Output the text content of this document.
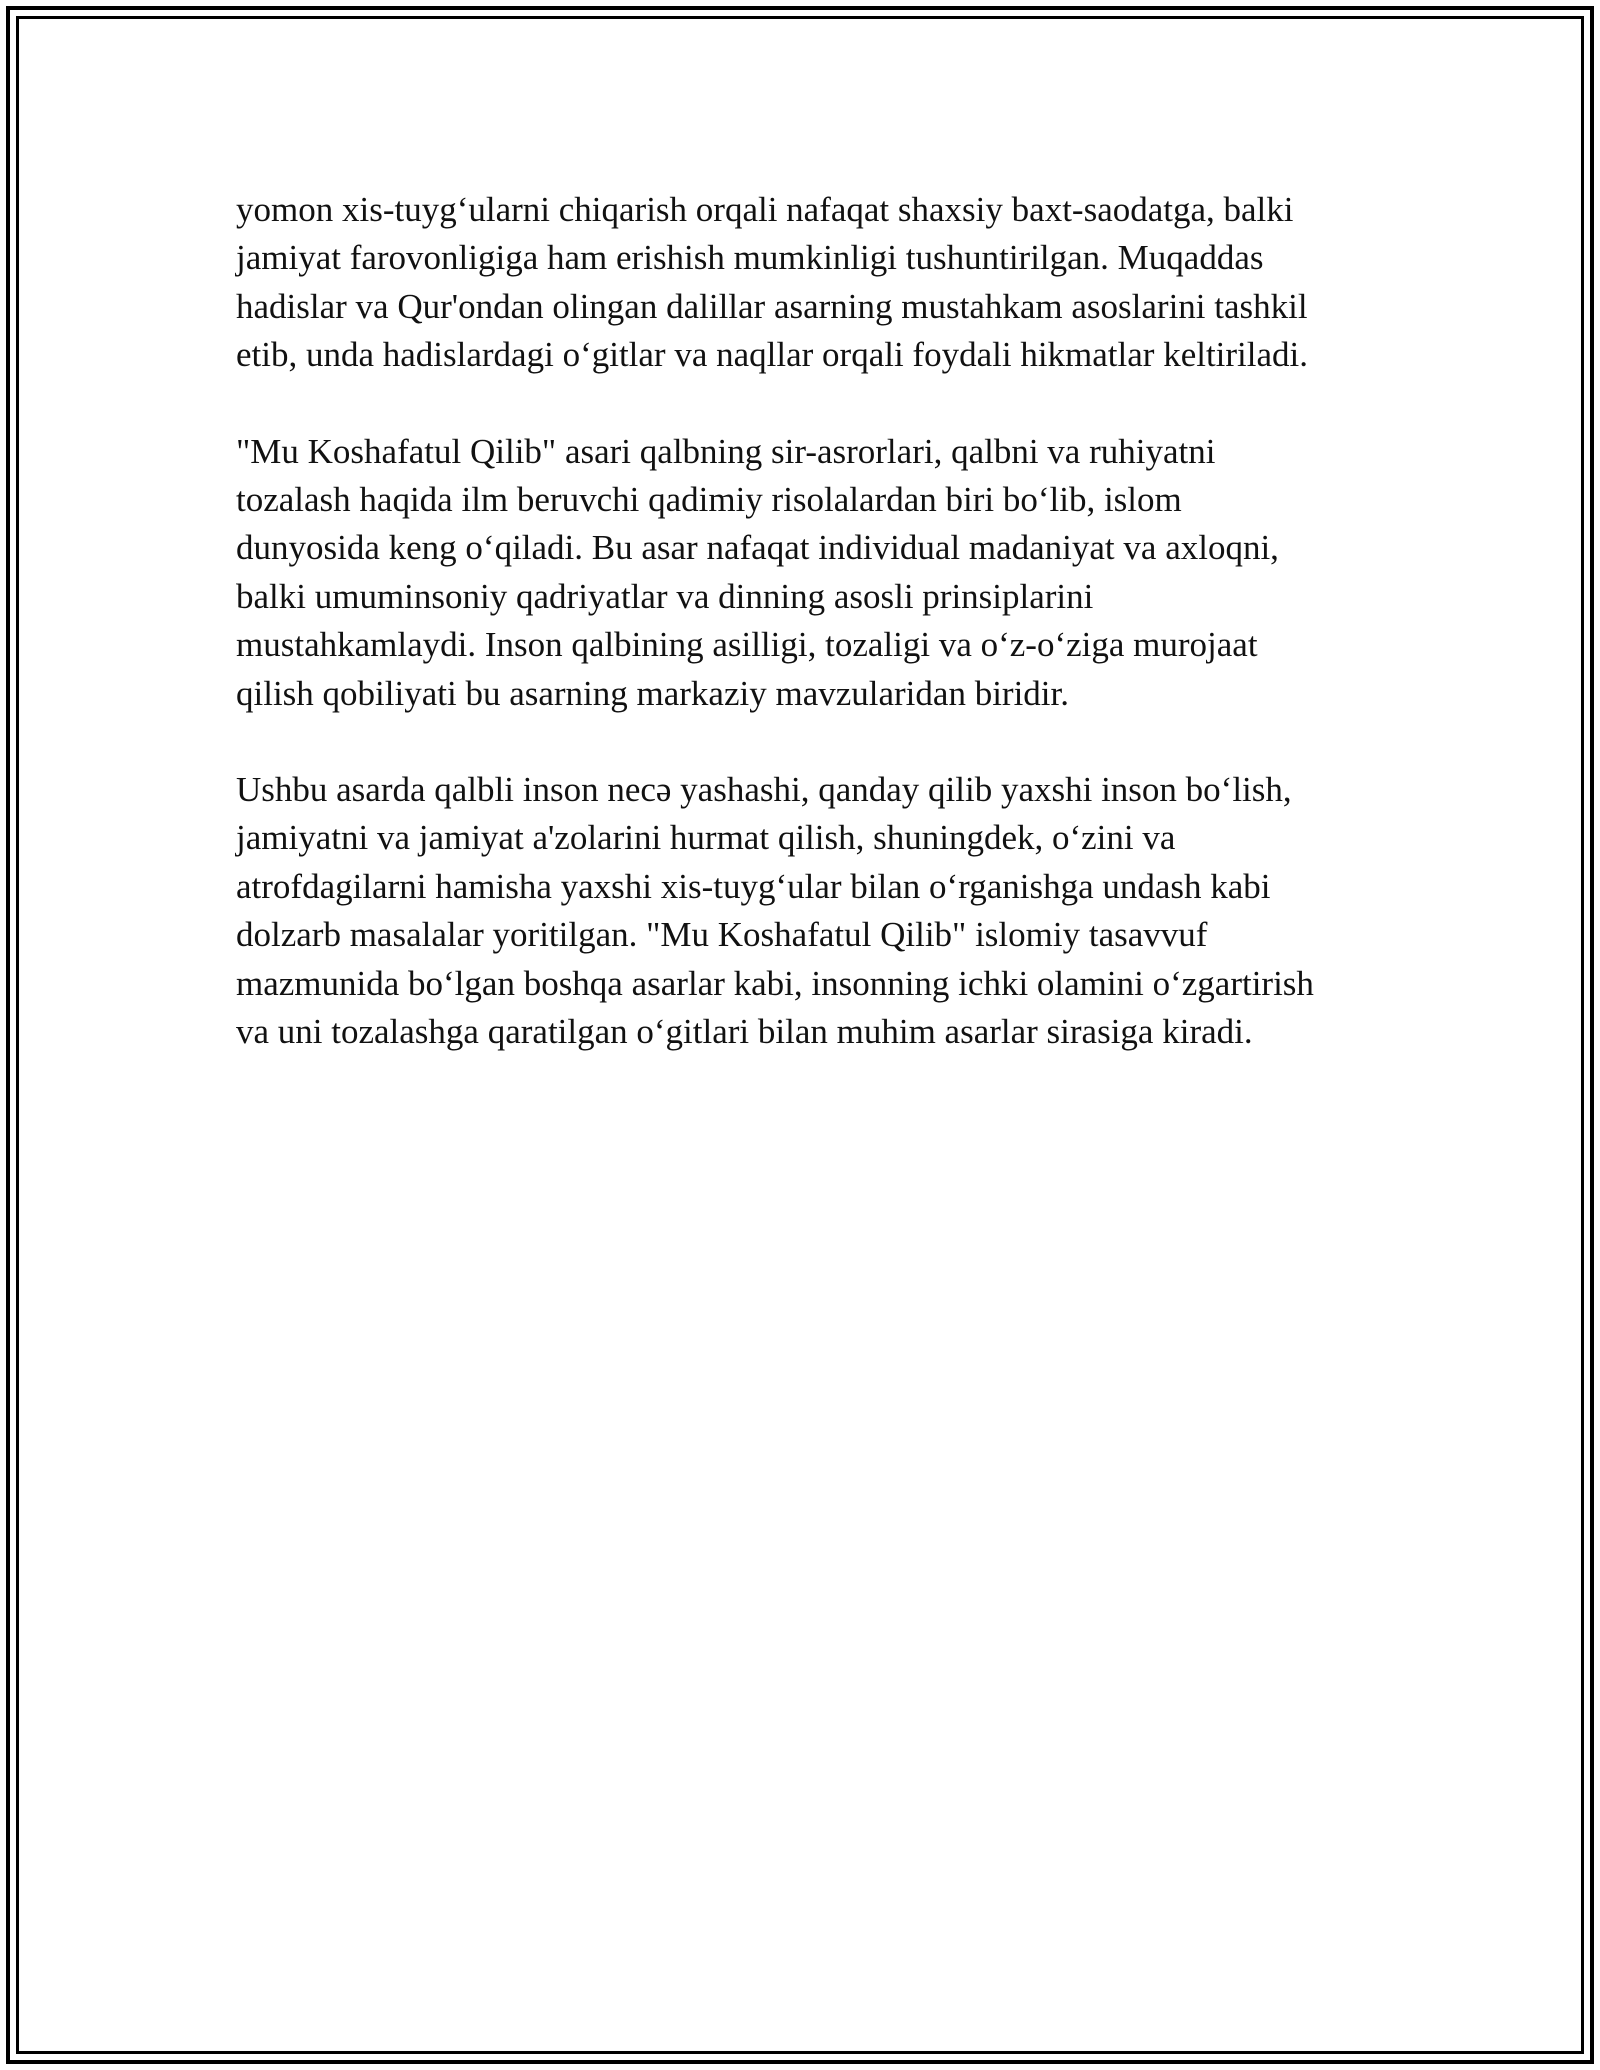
yomon xis-tuyg‘ularni chiqarish orqali nafaqat shaxsiy baxt-saodatga, balki
jamiyat farovonligiga ham erishish mumkinligi tushuntirilgan. Muqaddas
hadislar va Qur'ondan olingan dalillar asarning mustahkam asoslarini tashkil
etib, unda hadislardagi o‘gitlar va naqllar orqali foydali hikmatlar keltiriladi.

"Mu Koshafatul Qilib" asari qalbning sir-asrorlari, qalbni va ruhiyatni
tozalash haqida ilm beruvchi qadimiy risolalardan biri bo‘lib, islom
dunyosida keng o‘qiladi. Bu asar nafaqat individual madaniyat va axloqni,
balki umuminsoniy qadriyatlar va dinning asosli prinsiplarini
mustahkamlaydi. Inson qalbining asilligi, tozaligi va o‘z-o‘ziga murojaat
qilish qobiliyati bu asarning markaziy mavzularidan biridir.

Ushbu asarda qalbli inson necə yashashi, qanday qilib yaxshi inson bo‘lish,
jamiyatni va jamiyat a'zolarini hurmat qilish, shuningdek, o‘zini va
atrofdagilarni hamisha yaxshi xis-tuyg‘ular bilan o‘rganishga undash kabi
dolzarb masalalar yoritilgan. "Mu Koshafatul Qilib" islomiy tasavvuf
mazmunida bo‘lgan boshqa asarlar kabi, insonning ichki olamini o‘zgartirish
va uni tozalashga qaratilgan o‘gitlari bilan muhim asarlar sirasiga kiradi.
